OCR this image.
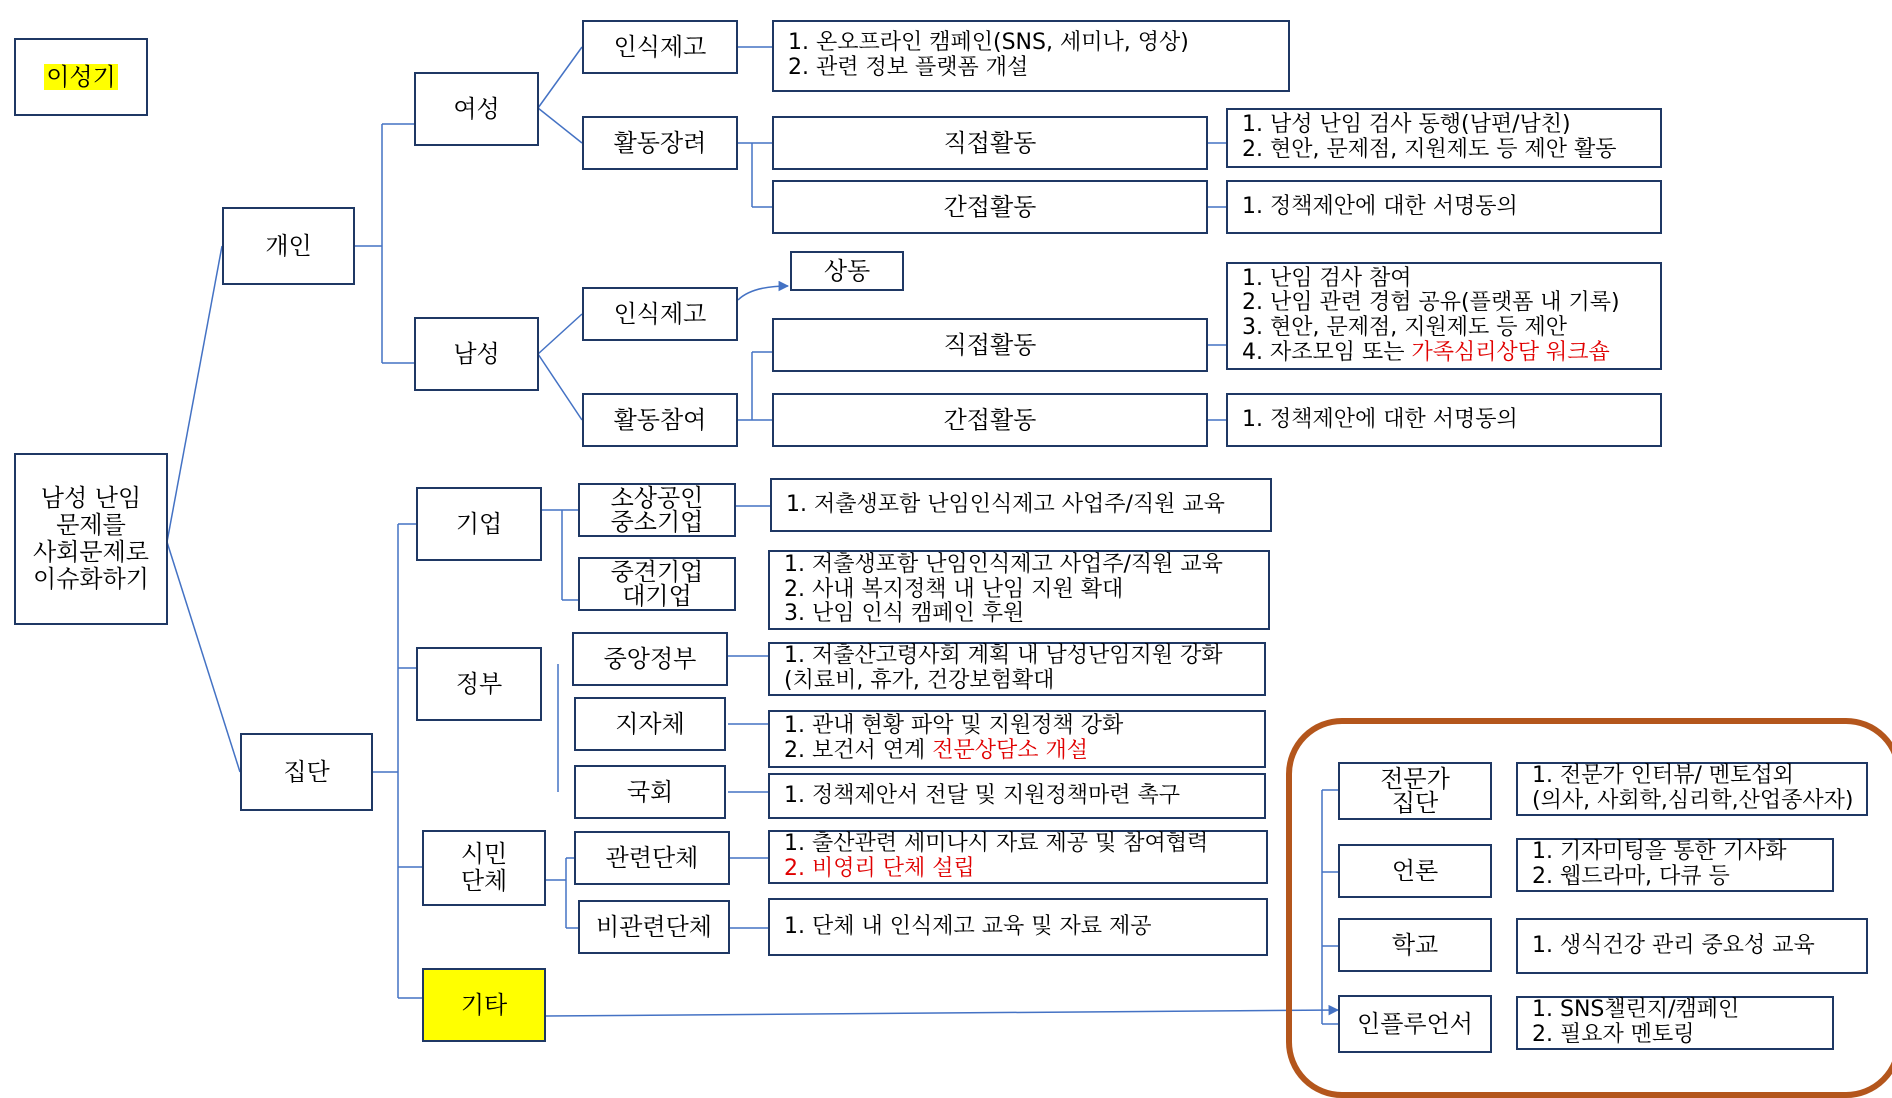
이성기
남성 난임
문제를
사회문제로
이슈화하기
개인
여성
인식제고	1. 온오프라인 캠페인(SNS, 세미나, 영상)
2. 관련 정보 플랫폼 개설
활동장려	직접활동
1. 남성 난임 검사 동행(남편/남친)
2. 현안, 문제점, 지원제도 등 제안 활동
간접활동	1. 정책제안에 대한 서명동의
남성
인식제고
상동
활동참여
직접활동
1. 난임 검사 참여
2. 난임 관련 경험 공유(플랫폼 내 기록)
3. 현안, 문제점, 지원제도 등 제안
4. 자조모임 또는 가족심리상담 워크숍
간접활동	1. 정책제안에 대한 서명동의
집단
기업
소상공인
중소기업
1. 저출생포함 난임인식제고 사업주/직원 교육
중견기업
대기업
1. 저출생포함 난임인식제고 사업주/직원 교육
2. 사내 복지정책 내 난임 지원 확대
3. 난임 인식 캠페인 후원
정부
중앙정부	1. 저출산고령사회 계획 내 남성난임지원 강화
(치료비, 휴가, 건강보험확대
지자체	1. 관내 현황 파악 및 지원정책 강화
2. 보건서 연계 전문상담소 개설
국회	1. 정책제안서 전달 및 지원정책마련 촉구
시민
단체
관련단체	1. 출산관련 세미나시 자료 제공 및 참여협력
2. 비영리 단체 설립
비관련단체	1. 단체 내 인식제고 교육 및 자료 제공
기타
전문가
집단
1. 전문가 인터뷰/ 멘토섭외
(의사, 사회학,심리학,산업종사자)
언론
1. 기자미팅을 통한 기사화
2. 웹드라마, 다큐 등
학교	1. 생식건강 관리 중요성 교육
인플루언서	1. SNS챌린지/캠페인
2. 필요자 멘토링
